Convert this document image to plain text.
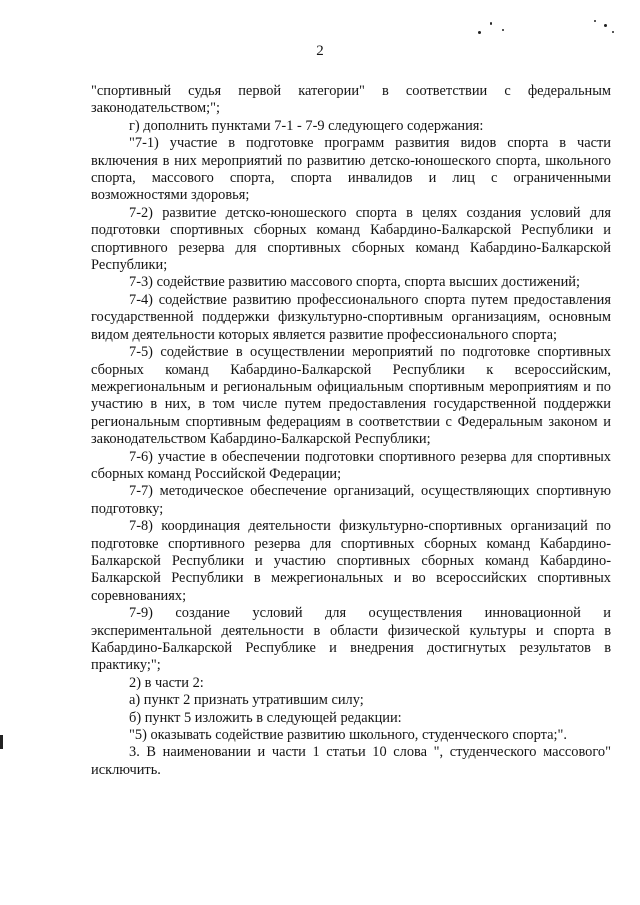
2

"спортивный судья первой категории" в соответствии с федеральным законодательством;";

г) дополнить пунктами 7-1 - 7-9 следующего содержания:

"7-1) участие в подготовке программ развития видов спорта в части включения в них мероприятий по развитию детско-юношеского спорта, школьного спорта, массового спорта, спорта инвалидов и лиц с ограниченными возможностями здоровья;

7-2) развитие детско-юношеского спорта в целях создания условий для подготовки спортивных сборных команд Кабардино-Балкарской Республики и спортивного резерва для спортивных сборных команд Кабардино-Балкарской Республики;

7-3) содействие развитию массового спорта, спорта высших достижений;

7-4) содействие развитию профессионального спорта путем предоставления государственной поддержки физкультурно-спортивным организациям, основным видом деятельности которых является развитие профессионального спорта;

7-5) содействие в осуществлении мероприятий по подготовке спортивных сборных команд Кабардино-Балкарской Республики к всероссийским, межрегиональным и региональным официальным спортивным мероприятиям и по участию в них, в том числе путем предоставления государственной поддержки региональным спортивным федерациям в соответствии с Федеральным законом и законодательством Кабардино-Балкарской Республики;

7-6) участие в обеспечении подготовки спортивного резерва для спортивных сборных команд Российской Федерации;

7-7) методическое обеспечение организаций, осуществляющих спортивную подготовку;

7-8) координация деятельности физкультурно-спортивных организаций по подготовке спортивного резерва для спортивных сборных команд Кабардино-Балкарской Республики и участию спортивных сборных команд Кабардино-Балкарской Республики в межрегиональных и во всероссийских спортивных соревнованиях;

7-9) создание условий для осуществления инновационной и экспериментальной деятельности в области физической культуры и спорта в Кабардино-Балкарской Республике и внедрения достигнутых результатов в практику;";

2) в части 2:

а) пункт 2 признать утратившим силу;

б) пункт 5 изложить в следующей редакции:

"5) оказывать содействие развитию школьного, студенческого спорта;".

3. В наименовании и части 1 статьи 10 слова ", студенческого массового" исключить.
